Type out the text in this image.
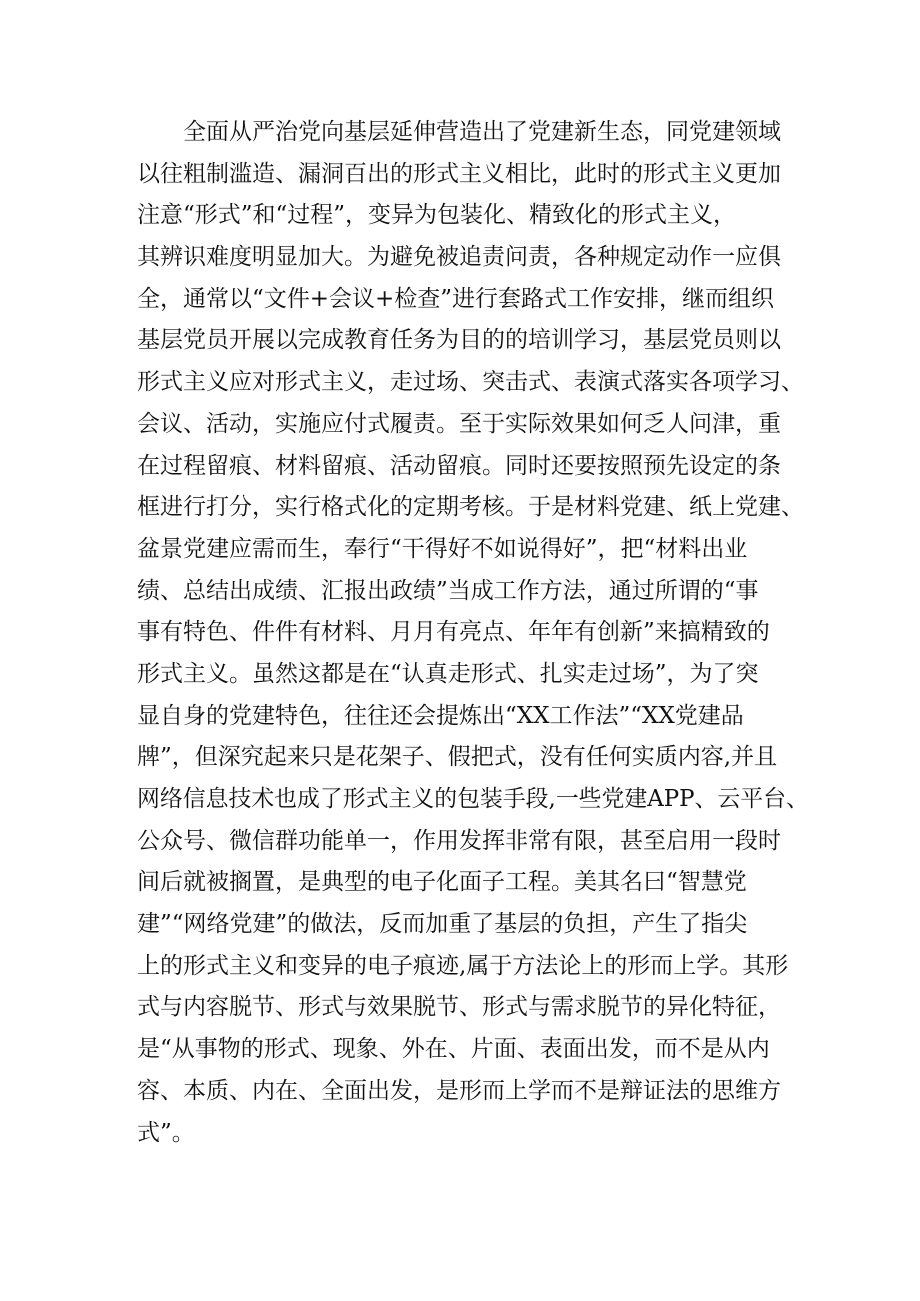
　　全面从严治党向基层延伸营造出了党建新生态，同党建领域
以往粗制滥造、漏洞百出的形式主义相比，此时的形式主义更加
注意“形式”和“过程”，变异为包装化、精致化的形式主义，
其辨识难度明显加大。为避免被追责问责，各种规定动作一应俱
全，通常以“文件+会议+检查”进行套路式工作安排，继而组织
基层党员开展以完成教育任务为目的的培训学习，基层党员则以
形式主义应对形式主义，走过场、突击式、表演式落实各项学习、
会议、活动，实施应付式履责。至于实际效果如何乏人问津，重
在过程留痕、材料留痕、活动留痕。同时还要按照预先设定的条
框进行打分，实行格式化的定期考核。于是材料党建、纸上党建、
盆景党建应需而生，奉行“干得好不如说得好”，把“材料出业
绩、总结出成绩、汇报出政绩”当成工作方法，通过所谓的“事
事有特色、件件有材料、月月有亮点、年年有创新”来搞精致的
形式主义。虽然这都是在“认真走形式、扎实走过场”，为了突
显自身的党建特色，往往还会提炼出“XX工作法”“XX党建品
牌”，但深究起来只是花架子、假把式，没有任何实质内容,并且
网络信息技术也成了形式主义的包装手段,一些党建APP、云平台、
公众号、微信群功能单一，作用发挥非常有限，甚至启用一段时
间后就被搁置，是典型的电子化面子工程。美其名曰“智慧党
建”“网络党建”的做法，反而加重了基层的负担，产生了指尖
上的形式主义和变异的电子痕迹,属于方法论上的形而上学。其形
式与内容脱节、形式与效果脱节、形式与需求脱节的异化特征，
是“从事物的形式、现象、外在、片面、表面出发，而不是从内
容、本质、内在、全面出发，是形而上学而不是辩证法的思维方
式”。
